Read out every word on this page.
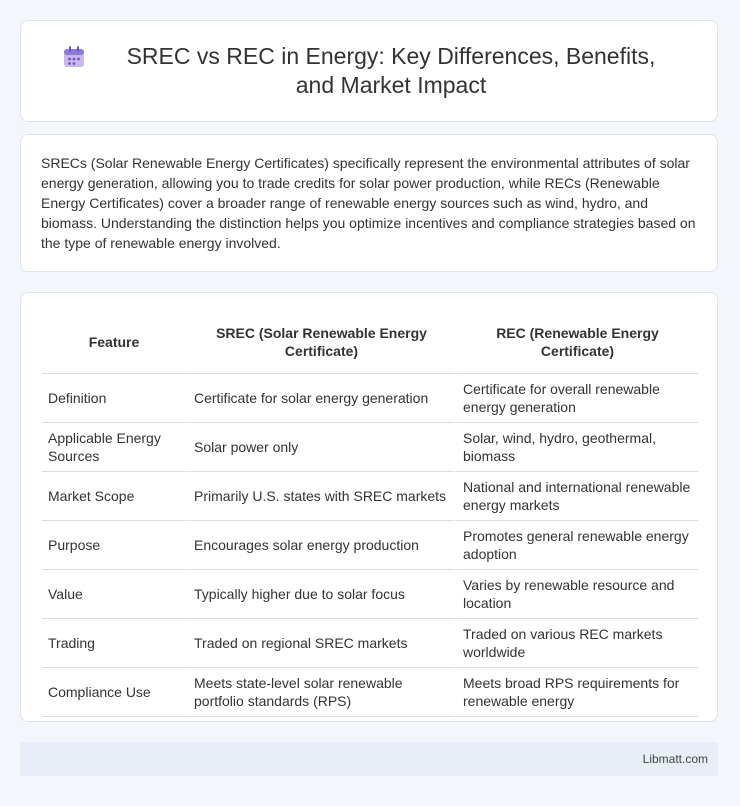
SREC vs REC in Energy: Key Differences, Benefits, and Market Impact

SRECs (Solar Renewable Energy Certificates) specifically represent the environmental attributes of solar energy generation, allowing you to trade credits for solar power production, while RECs (Renewable Energy Certificates) cover a broader range of renewable energy sources such as wind, hydro, and biomass. Understanding the distinction helps you optimize incentives and compliance strategies based on the type of renewable energy involved.

Feature	SREC (Solar Renewable Energy Certificate)	REC (Renewable Energy Certificate)
Definition	Certificate for solar energy generation	Certificate for overall renewable energy generation
Applicable Energy Sources	Solar power only	Solar, wind, hydro, geothermal, biomass
Market Scope	Primarily U.S. states with SREC markets	National and international renewable energy markets
Purpose	Encourages solar energy production	Promotes general renewable energy adoption
Value	Typically higher due to solar focus	Varies by renewable resource and location
Trading	Traded on regional SREC markets	Traded on various REC markets worldwide
Compliance Use	Meets state-level solar renewable portfolio standards (RPS)	Meets broad RPS requirements for renewable energy
Libmatt.com
